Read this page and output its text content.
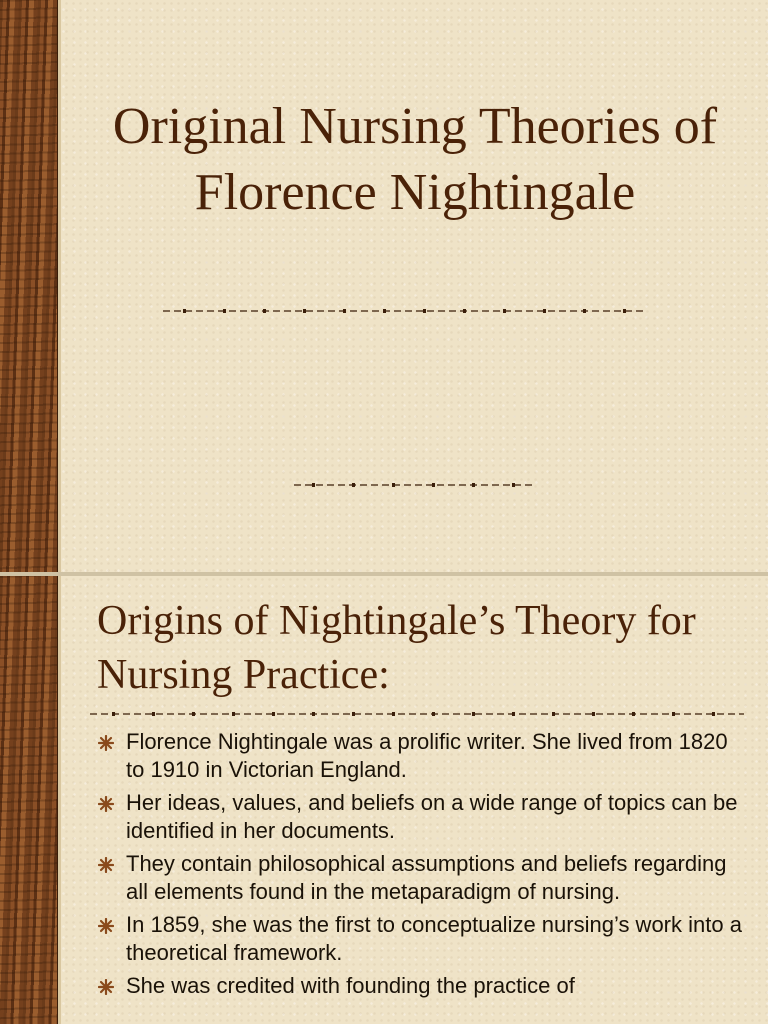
Original Nursing Theories of Florence Nightingale
Origins of Nightingale’s Theory for Nursing Practice:
Florence Nightingale was a prolific writer. She lived from 1820 to 1910 in Victorian England.
Her ideas, values, and beliefs on a wide range of topics can be identified in her documents.
They contain philosophical assumptions and beliefs regarding all elements found in the metaparadigm of nursing.
In 1859, she was the first to conceptualize nursing’s work into a theoretical framework.
She was credited with founding the practice of
